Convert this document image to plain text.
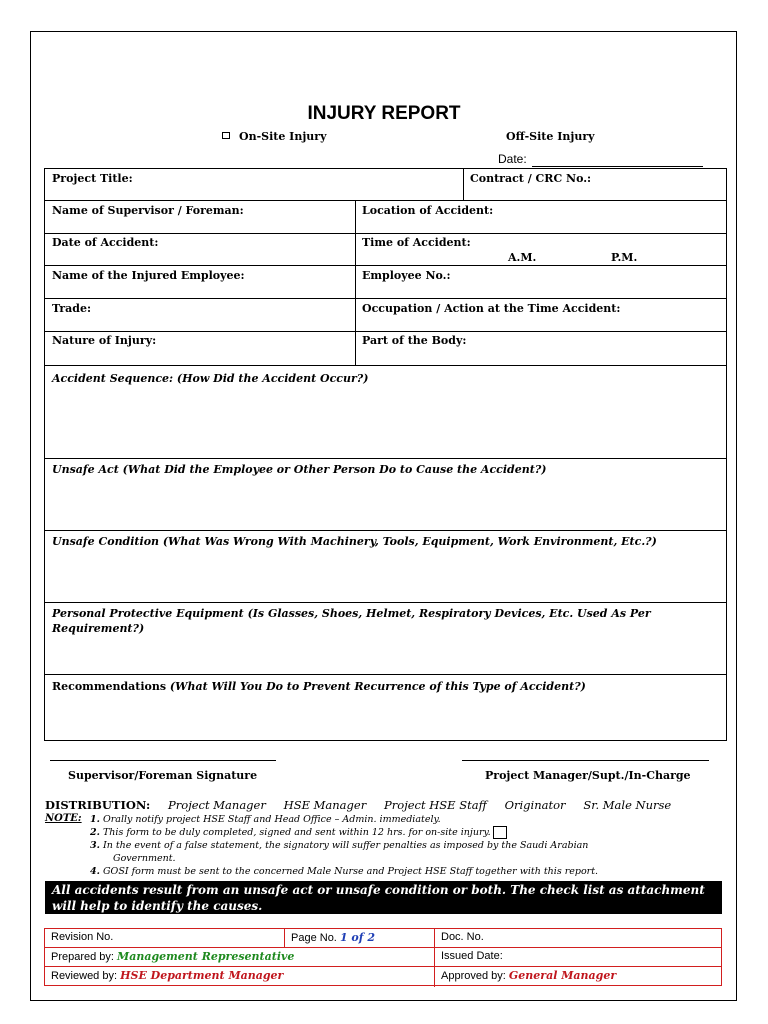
INJURY REPORT
On-Site Injury	Off-Site Injury
Date:
Project Title:	Contract / CRC No.:
Name of Supervisor / Foreman:	Location of Accident:
Date of Accident:	Time of Accident:
A.M.	P.M.
Name of the Injured Employee:	Employee No.:
Trade:	Occupation / Action at the Time Accident:
Nature of Injury:	Part of the Body:
Accident Sequence: (How Did the Accident Occur?)
Unsafe Act (What Did the Employee or Other Person Do to Cause the Accident?)
Unsafe Condition (What Was Wrong With Machinery, Tools, Equipment, Work Environment, Etc.?)
Personal Protective Equipment (Is Glasses, Shoes, Helmet, Respiratory Devices, Etc. Used As Per Requirement?)
Recommendations (What Will You Do to Prevent Recurrence of this Type of Accident?)
Supervisor/Foreman Signature	Project Manager/Supt./In-Charge
DISTRIBUTION: Project Manager HSE Manager Project HSE Staff Originator Sr. Male Nurse
NOTE: 1. Orally notify project HSE Staff and Head Office – Admin. immediately.
2. This form to be duly completed, signed and sent within 12 hrs. for on-site injury.
3. In the event of a false statement, the signatory will suffer penalties as imposed by the Saudi Arabian
Government.
4. GOSI form must be sent to the concerned Male Nurse and Project HSE Staff together with this report.
All accidents result from an unsafe act or unsafe condition or both. The check list as attachment will help to identify the causes.
Revision No.	Page No. 1 of 2	Doc. No.
Prepared by: Management Representative	Issued Date:
Reviewed by: HSE Department Manager	Approved by: General Manager
